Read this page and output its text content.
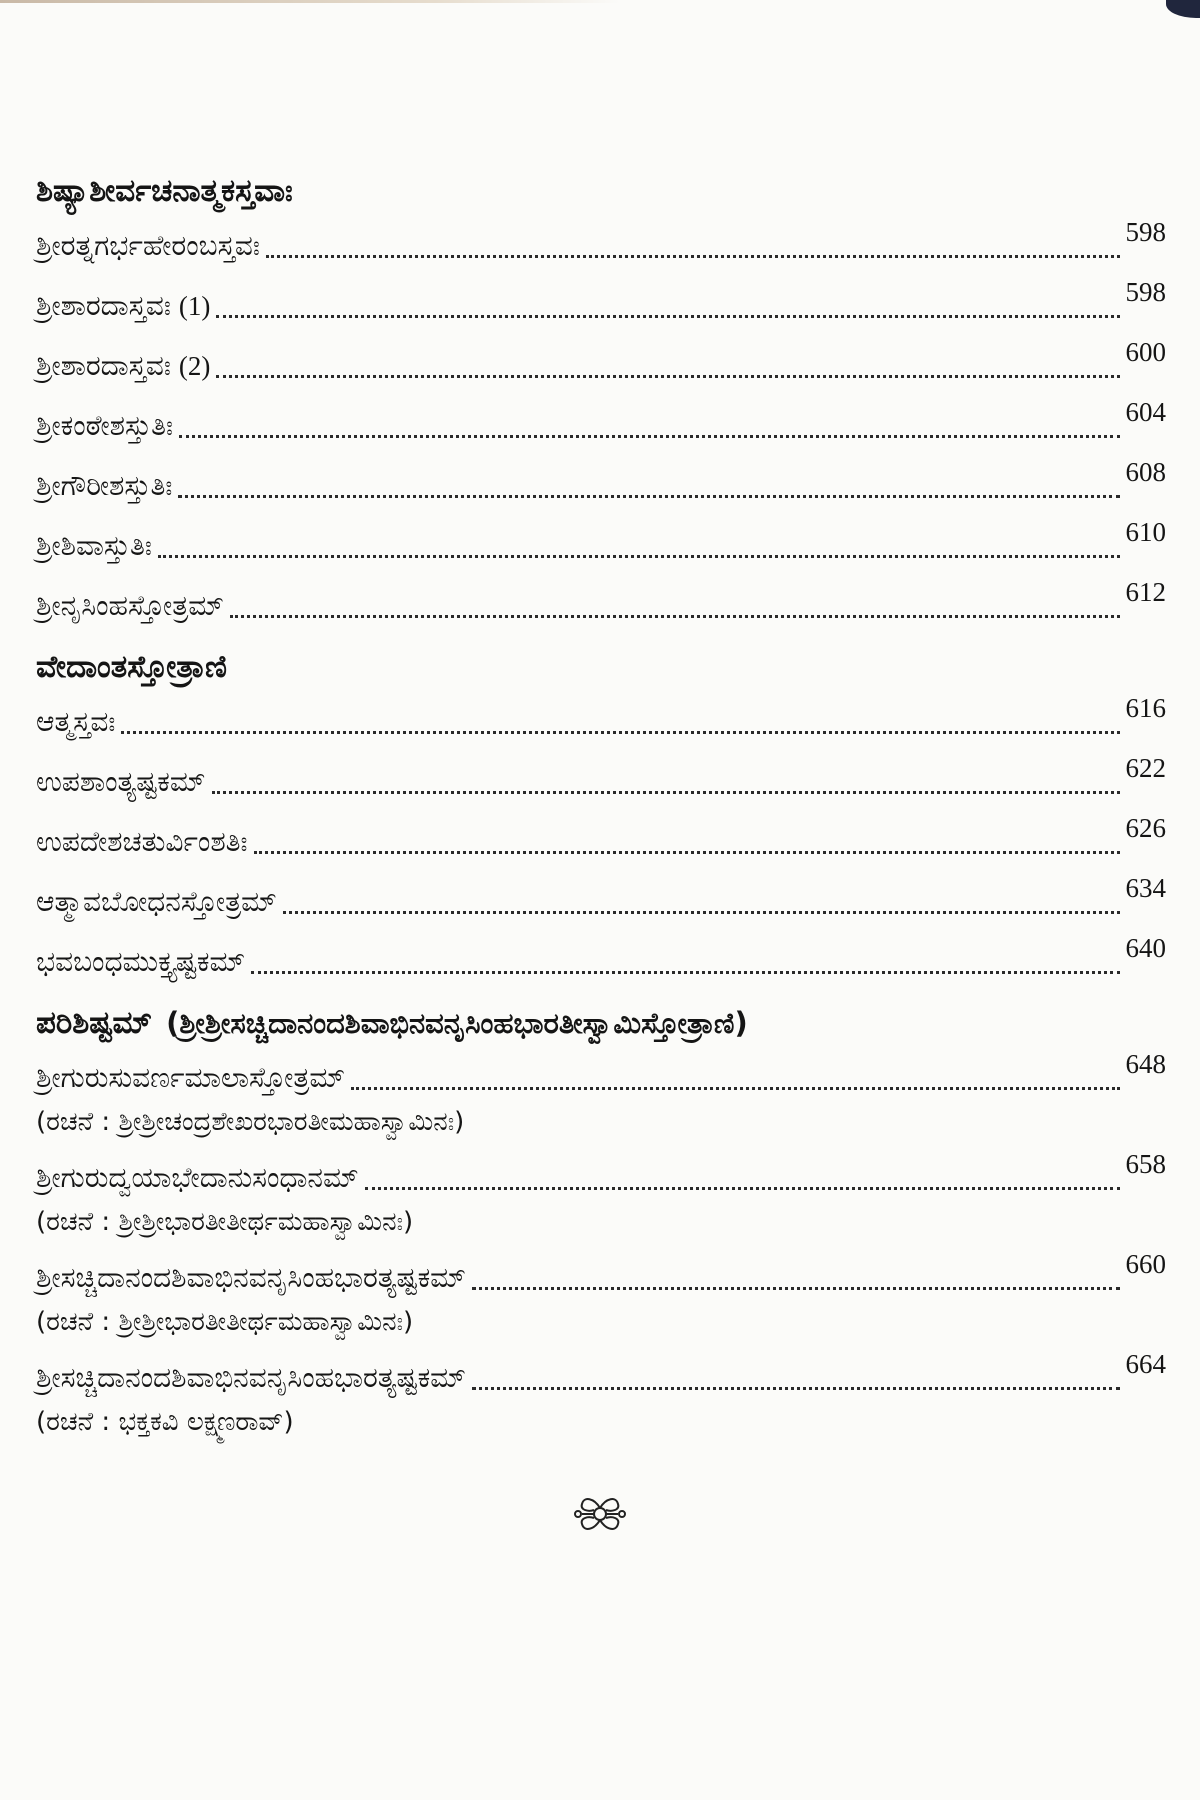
ಶಿಷ್ಯಾಶೀರ್ವಚನಾತ್ಮಕಸ್ತವಾಃ
ಶ್ರೀರತ್ನಗರ್ಭಹೇರಂಬಸ್ತವಃ	598
ಶ್ರೀಶಾರದಾಸ್ತವಃ (1)	598
ಶ್ರೀಶಾರದಾಸ್ತವಃ (2)	600
ಶ್ರೀಕಂಠೇಶಸ್ತುತಿಃ	604
ಶ್ರೀಗೌರೀಶಸ್ತುತಿಃ	608
ಶ್ರೀಶಿವಾಸ್ತುತಿಃ	610
ಶ್ರೀನೃಸಿಂಹಸ್ತೋತ್ರಮ್	612
ವೇದಾಂತಸ್ತೋತ್ರಾಣಿ
ಆತ್ಮಸ್ತವಃ	616
ಉಪಶಾಂತ್ಯಷ್ಟಕಮ್	622
ಉಪದೇಶಚತುರ್ವಿಂಶತಿಃ	626
ಆತ್ಮಾವಬೋಧನಸ್ತೋತ್ರಮ್	634
ಭವಬಂಧಮುಕ್ತ್ಯಷ್ಟಕಮ್	640
ಪರಿಶಿಷ್ಟಮ್ (ಶ್ರೀಶ್ರೀಸಚ್ಚಿದಾನಂದಶಿವಾಭಿನವನೃಸಿಂಹಭಾರತೀಸ್ವಾಮಿಸ್ತೋತ್ರಾಣಿ)
ಶ್ರೀಗುರುಸುವರ್ಣಮಾಲಾಸ್ತೋತ್ರಮ್	648
(ರಚನೆ : ಶ್ರೀಶ್ರೀಚಂದ್ರಶೇಖರಭಾರತೀಮಹಾಸ್ವಾಮಿನಃ)
ಶ್ರೀಗುರುದ್ವಯಾಭೇದಾನುಸಂಧಾನಮ್	658
(ರಚನೆ : ಶ್ರೀಶ್ರೀಭಾರತೀತೀರ್ಥಮಹಾಸ್ವಾಮಿನಃ)
ಶ್ರೀಸಚ್ಚಿದಾನಂದಶಿವಾಭಿನವನೃಸಿಂಹಭಾರತ್ಯಷ್ಟಕಮ್	660
(ರಚನೆ : ಶ್ರೀಶ್ರೀಭಾರತೀತೀರ್ಥಮಹಾಸ್ವಾಮಿನಃ)
ಶ್ರೀಸಚ್ಚಿದಾನಂದಶಿವಾಭಿನವನೃಸಿಂಹಭಾರತ್ಯಷ್ಟಕಮ್	664
(ರಚನೆ : ಭಕ್ತಕವಿ ಲಕ್ಷ್ಮಣರಾವ್)
